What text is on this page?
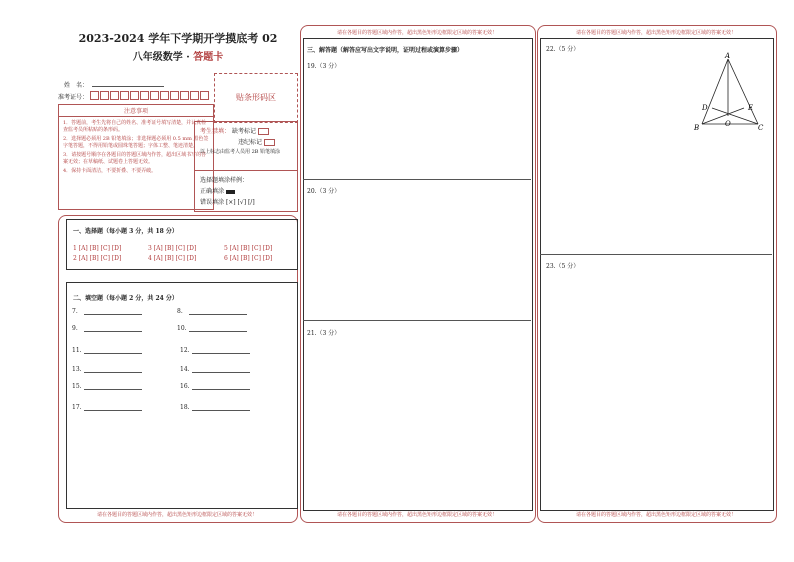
2023-2024 学年下学期开学摸底考 02
八年级数学 · 答题卡
姓　名：
准考证号：
注意事项
1．答题前，考生先将自己的姓名、准考证号填写清楚，并认真检查监考员所粘贴的条形码。
2．选择题必须用 2B 铅笔填涂；非选择题必须用 0.5 mm 黑色签字笔答题，不得用铅笔或圆珠笔答题；字体工整、笔迹清楚。
3．请按题号顺序在各题目的答题区域内作答，超出区域书写的答案无效；在草稿纸、试题卷上答题无效。
4．保持卡面清洁，不要折叠、不要弄破。
贴条形码区
考生禁填： 缺考标记
违纪标记
以上标志由监考人员用 2B 铅笔填涂
选择题填涂样例：
正确填涂
错误填涂 [×] [√] [/]
一、选择题（每小题 3 分，共 18 分）
1 [A] [B] [C] [D]	3 [A] [B] [C] [D]	5 [A] [B] [C] [D]
2 [A] [B] [C] [D]	4 [A] [B] [C] [D]	6 [A] [B] [C] [D]
二、填空题（每小题 2 分，共 24 分）
7.	8.
9.	10.
11.	12.
13.	14.
15.	16.
17.	18.
请在各题目的答题区域内作答，超出黑色矩形边框限定区域的答案无效！
请在各题目的答题区域内作答，超出黑色矩形边框限定区域的答案无效！
三、解答题（解答应写出文字说明，证明过程或演算步骤）
19.（3 分）
20.（3 分）
21.（3 分）
请在各题目的答题区域内作答，超出黑色矩形边框限定区域的答案无效！
请在各题目的答题区域内作答，超出黑色矩形边框限定区域的答案无效！
22.（5 分）
A
B	C
D	E
O
23.（5 分）
请在各题目的答题区域内作答，超出黑色矩形边框限定区域的答案无效！
